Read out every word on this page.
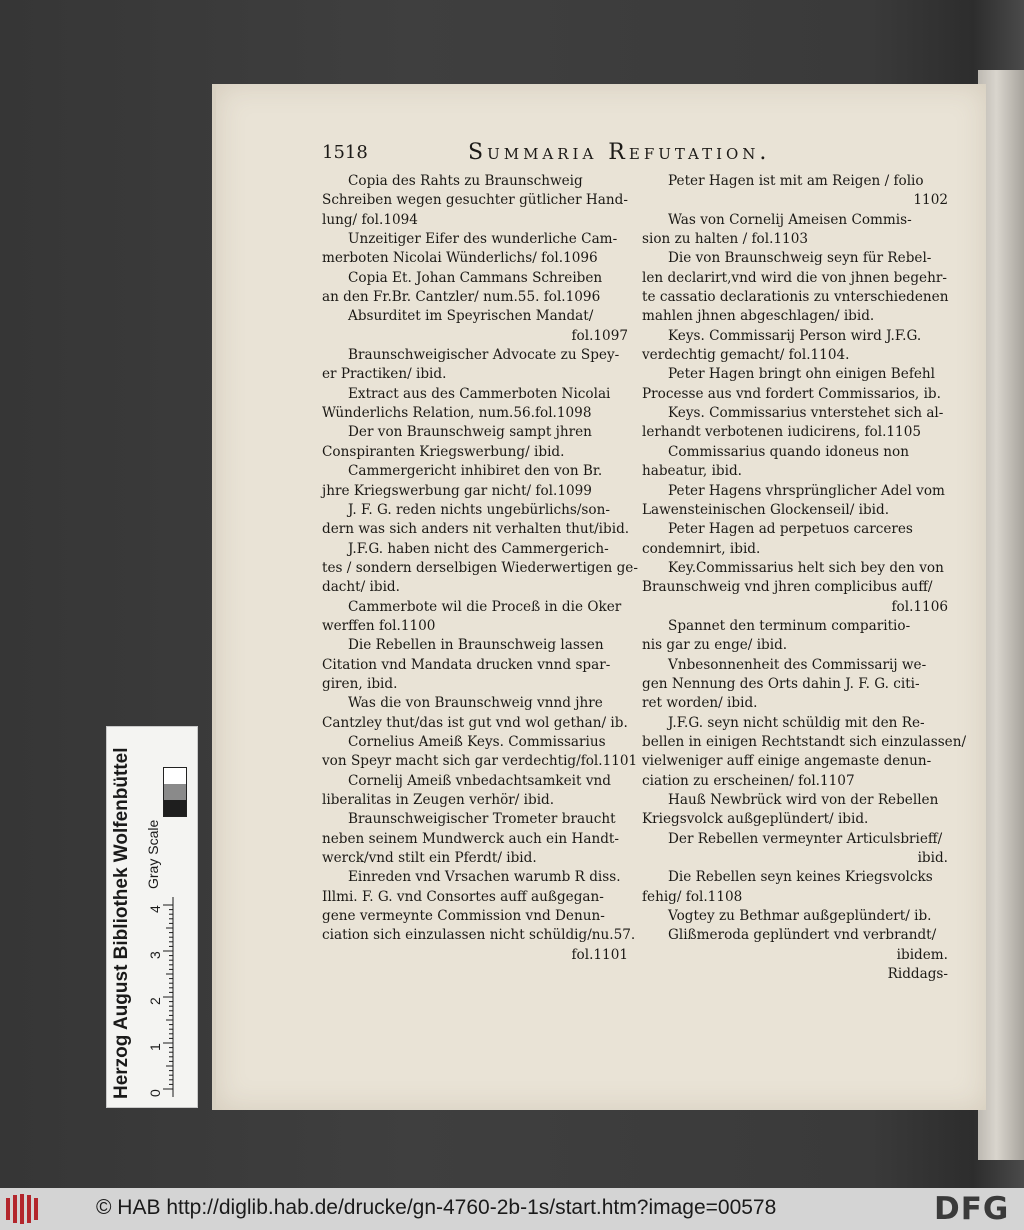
1518	Summaria Refutation.
Copia des Rahts zu Braunschweig
Schreiben wegen gesuchter gütlicher Hand-
lung/ fol.1094
Unzeitiger Eifer des wunderliche Cam-
merboten Nicolai Wünderlichs/ fol.1096
Copia Et. Johan Cammans Schreiben
an den Fr.Br. Cantzler/ num.55. fol.1096
Absurditet im Speyrischen Mandat/
fol.1097
Braunschweigischer Advocate zu Spey-
er Practiken/ ibid.
Extract aus des Cammerboten Nicolai
Wünderlichs Relation, num.56.fol.1098
Der von Braunschweig sampt jhren
Conspiranten Kriegswerbung/ ibid.
Cammergericht inhibiret den von Br.
jhre Kriegswerbung gar nicht/ fol.1099
J. F. G. reden nichts ungebürlichs/son-
dern was sich anders nit verhalten thut/ibid.
J.F.G. haben nicht des Cammergerich-
tes / sondern derselbigen Wiederwertigen ge-
dacht/ ibid.
Cammerbote wil die Proceß in die Oker
werffen fol.1100
Die Rebellen in Braunschweig lassen
Citation vnd Mandata drucken vnnd spar-
giren, ibid.
Was die von Braunschweig vnnd jhre
Cantzley thut/das ist gut vnd wol gethan/ ib.
Cornelius Ameiß Keys. Commissarius
von Speyr macht sich gar verdechtig/fol.1101
Cornelij Ameiß vnbedachtsamkeit vnd
liberalitas in Zeugen verhör/ ibid.
Braunschweigischer Trometer braucht
neben seinem Mundwerck auch ein Handt-
werck/vnd stilt ein Pferdt/ ibid.
Einreden vnd Vrsachen warumb R diss.
Illmi. F. G. vnd Consortes auff außgegan-
gene vermeynte Commission vnd Denun-
ciation sich einzulassen nicht schüldig/nu.57.
fol.1101
Peter Hagen ist mit am Reigen / folio
1102
Was von Cornelij Ameisen Commis-
sion zu halten / fol.1103
Die von Braunschweig seyn für Rebel-
len declarirt,vnd wird die von jhnen begehr-
te cassatio declarationis zu vnterschiedenen
mahlen jhnen abgeschlagen/ ibid.
Keys. Commissarij Person wird J.F.G.
verdechtig gemacht/ fol.1104.
Peter Hagen bringt ohn einigen Befehl
Processe aus vnd fordert Commissarios, ib.
Keys. Commissarius vnterstehet sich al-
lerhandt verbotenen iudicirens, fol.1105
Commissarius quando idoneus non
habeatur, ibid.
Peter Hagens vhrsprünglicher Adel vom
Lawensteinischen Glockenseil/ ibid.
Peter Hagen ad perpetuos carceres
condemnirt, ibid.
Key.Commissarius helt sich bey den von
Braunschweig vnd jhren complicibus auff/
fol.1106
Spannet den terminum comparitio-
nis gar zu enge/ ibid.
Vnbesonnenheit des Commissarij we-
gen Nennung des Orts dahin J. F. G. citi-
ret worden/ ibid.
J.F.G. seyn nicht schüldig mit den Re-
bellen in einigen Rechtstandt sich einzulassen/
vielweniger auff einige angemaste denun-
ciation zu erscheinen/ fol.1107
Hauß Newbrück wird von der Rebellen
Kriegsvolck außgeplündert/ ibid.
Der Rebellen vermeynter Articulsbrieff/
ibid.
Die Rebellen seyn keines Kriegsvolcks
fehig/ fol.1108
Vogtey zu Bethmar außgeplündert/ ib.
Glißmeroda geplündert vnd verbrandt/
ibidem.
Riddags-
Herzog August Bibliothek Wolfenbüttel Gray Scale
0
1
2
3
4
© HAB http://diglib.hab.de/drucke/gn-4760-2b-1s/start.htm?image=00578	DFG
